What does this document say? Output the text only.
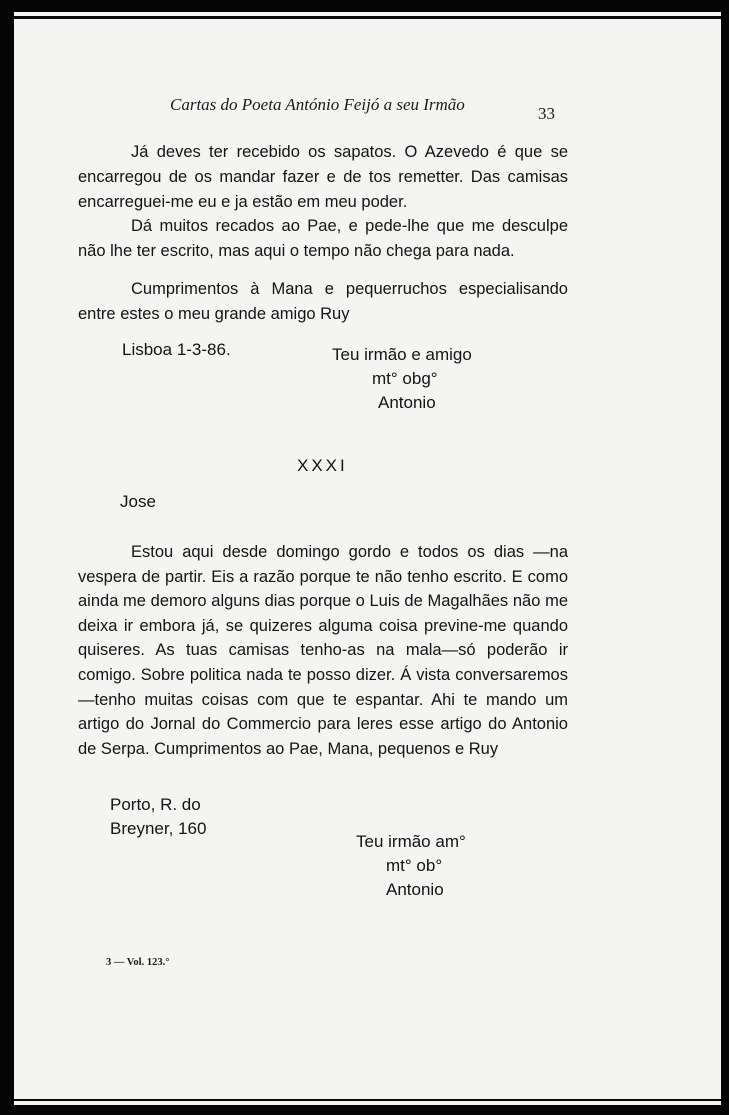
Cartas do Poeta António Feijó a seu Irmão	33
Já deves ter recebido os sapatos. O Azevedo é que se encarregou de os mandar fazer e de tos remetter. Das camisas encarreguei-me eu e ja estão em meu poder.
Dá muitos recados ao Pae, e pede-lhe que me desculpe não lhe ter escrito, mas aqui o tempo não chega para nada.
Cumprimentos à Mana e pequerruchos especialisando entre estes o meu grande amigo Ruy
Lisboa 1-3-86.	Teu irmão e amigo
mt° obg°
Antonio
XXXI
Jose
Estou aqui desde domingo gordo e todos os dias —na vespera de partir. Eis a razão porque te não tenho escrito. E como ainda me demoro alguns dias porque o Luis de Magalhães não me deixa ir embora já, se quizeres alguma coisa previne-me quando quiseres. As tuas camisas tenho-as na mala—só poderão ir comigo. Sobre politica nada te posso dizer. Á vista conversaremos —tenho muitas coisas com que te espantar. Ahi te mando um artigo do Jornal do Commercio para leres esse artigo do Antonio de Serpa. Cumprimentos ao Pae, Mana, pequenos e Ruy
Porto, R. do
Breyner, 160
Teu irmão am°
mt° ob°
Antonio
3 — Vol. 123.°
